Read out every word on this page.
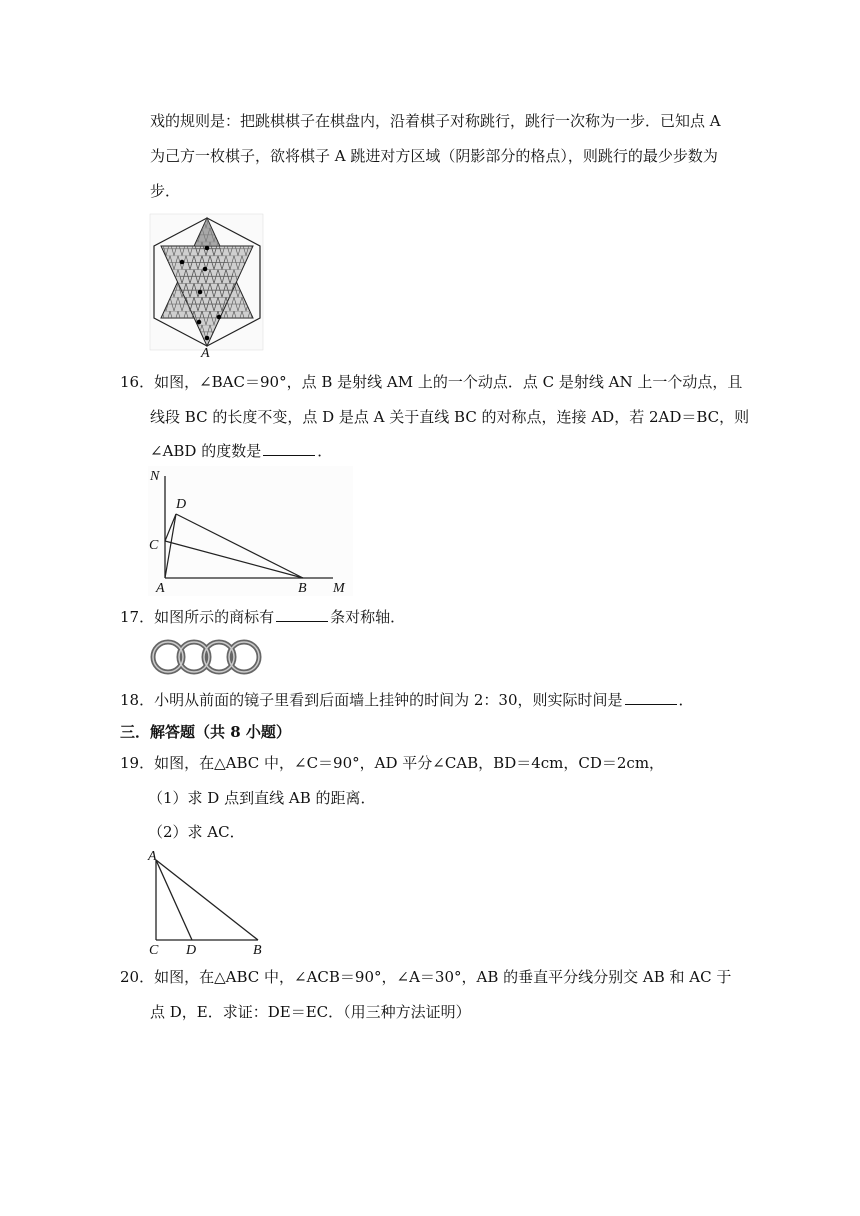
戏的规则是：把跳棋棋子在棋盘内，沿着棋子对称跳行，跳行一次称为一步．已知点 A
为己方一枚棋子，欲将棋子 A 跳进对方区域（阴影部分的格点），则跳行的最少步数为
步．
A
16．如图，∠BAC＝90°，点 B 是射线 AM 上的一个动点．点 C 是射线 AN 上一个动点，且
线段 BC 的长度不变，点 D 是点 A 关于直线 BC 的对称点，连接 AD，若 2AD＝BC，则
∠ABD 的度数是	．
N
D
C
A	B M
17．如图所示的商标有	条对称轴．
18．小明从前面的镜子里看到后面墙上挂钟的时间为 2：30，则实际时间是	．
三．解答题（共 8 小题）
19．如图，在△ABC 中，∠C＝90°，AD 平分∠CAB，BD＝4cm，CD＝2cm，
（1）求 D 点到直线 AB 的距离．
（2）求 AC．
A
C D	B
20．如图，在△ABC 中，∠ACB＝90°，∠A＝30°，AB 的垂直平分线分别交 AB 和 AC 于
点 D，E．求证：DE＝EC．（用三种方法证明）
